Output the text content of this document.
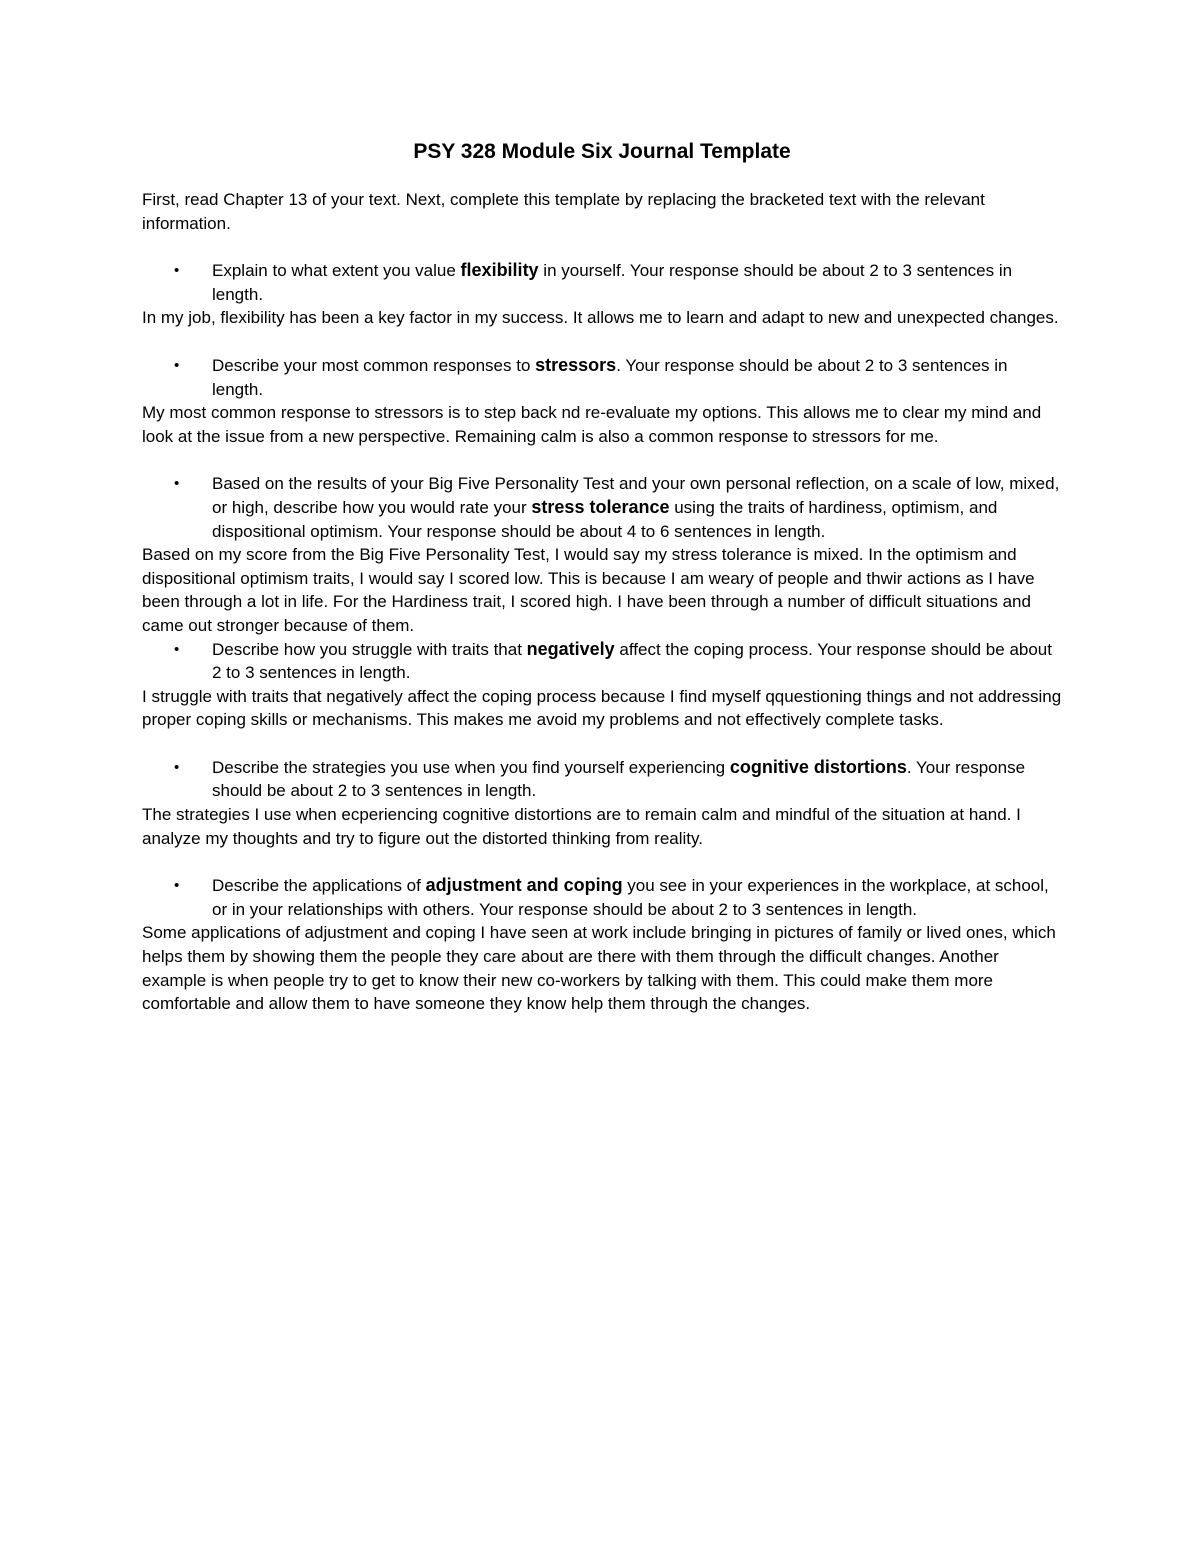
PSY 328 Module Six Journal Template

First, read Chapter 13 of your text. Next, complete this template by replacing the bracketed text with the relevant information.

• Explain to what extent you value flexibility in yourself. Your response should be about 2 to 3 sentences in length.

In my job, flexibility has been a key factor in my success. It allows me to learn and adapt to new and unexpected changes.

• Describe your most common responses to stressors. Your response should be about 2 to 3 sentences in length.

My most common response to stressors is to step back nd re-evaluate my options. This allows me to clear my mind and look at the issue from a new perspective. Remaining calm is also a common response to stressors for me.

• Based on the results of your Big Five Personality Test and your own personal reflection, on a scale of low, mixed, or high, describe how you would rate your stress tolerance using the traits of hardiness, optimism, and dispositional optimism. Your response should be about 4 to 6 sentences in length.

Based on my score from the Big Five Personality Test, I would say my stress tolerance is mixed. In the optimism and dispositional optimism traits, I would say I scored low. This is because I am weary of people and thwir actions as I have been through a lot in life. For the Hardiness trait, I scored high. I have been through a number of difficult situations and came out stronger because of them.

• Describe how you struggle with traits that negatively affect the coping process. Your response should be about 2 to 3 sentences in length.

I struggle with traits that negatively affect the coping process because I find myself qquestioning things and not addressing proper coping skills or mechanisms. This makes me avoid my problems and not effectively complete tasks.

• Describe the strategies you use when you find yourself experiencing cognitive distortions. Your response should be about 2 to 3 sentences in length.

The strategies I use when ecperiencing cognitive distortions are to remain calm and mindful of the situation at hand. I analyze my thoughts and try to figure out the distorted thinking from reality.

• Describe the applications of adjustment and coping you see in your experiences in the workplace, at school, or in your relationships with others. Your response should be about 2 to 3 sentences in length.

Some applications of adjustment and coping I have seen at work include bringing in pictures of family or lived ones, which helps them by showing them the people they care about are there with them through the difficult changes. Another example is when people try to get to know their new co-workers by talking with them. This could make them more comfortable and allow them to have someone they know help them through the changes.
